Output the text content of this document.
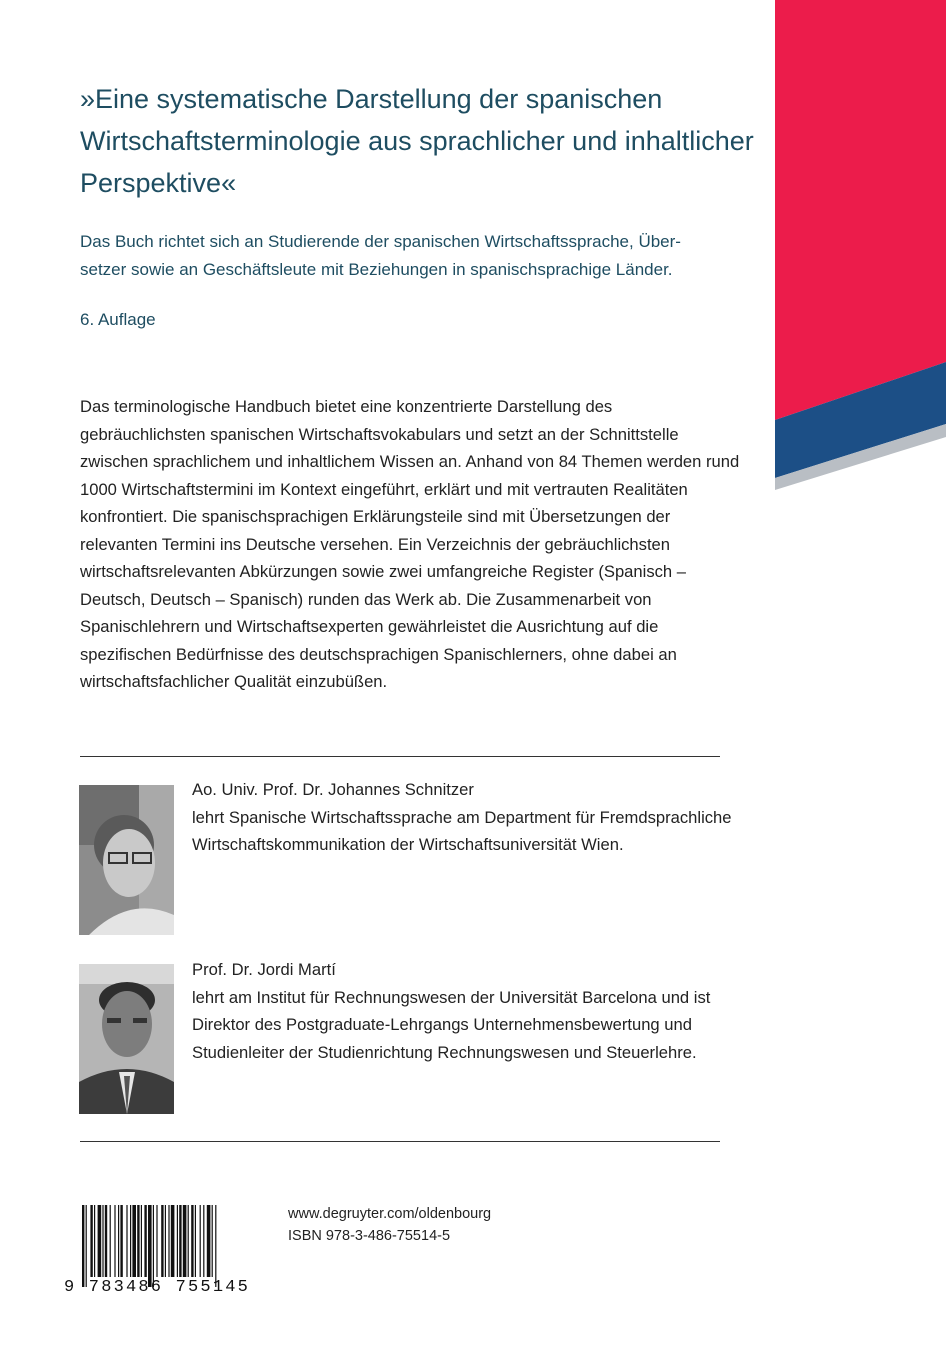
»Eine systematische Darstellung der spanischen Wirtschaftsterminologie aus sprachlicher und inhaltlicher Perspektive«

Das Buch richtet sich an Studierende der spanischen Wirtschaftssprache, Über-

setzer sowie an Geschäftsleute mit Beziehungen in spanischsprachige Länder.

6. Auflage

Das terminologische Handbuch bietet eine konzentrierte Darstellung des gebräuchlichsten spanischen Wirtschaftsvokabulars und setzt an der Schnittstelle zwischen sprachlichem und inhaltlichem Wissen an. Anhand von 84 Themen werden rund 1000 Wirtschaftstermini im Kontext eingeführt, erklärt und mit vertrauten Realitäten konfrontiert. Die spanischsprachigen Erklärungsteile sind mit Übersetzungen der relevanten Termini ins Deutsche versehen. Ein Verzeichnis der gebräuchlichsten wirtschaftsrelevanten Abkürzungen sowie zwei umfangreiche Register (Spanisch – Deutsch, Deutsch – Spanisch) runden das Werk ab. Die Zusammenarbeit von Spanischlehrern und Wirtschaftsexperten gewährleistet die Ausrichtung auf die spezifischen Bedürfnisse des deutschsprachigen Spanischlerners, ohne dabei an wirtschaftsfachlicher Qualität einzubüßen.

Ao. Univ. Prof. Dr. Johannes Schnitzer
lehrt Spanische Wirtschaftssprache am Department für Fremdsprachliche Wirtschaftskommunikation der Wirtschaftsuniversität Wien.

Prof. Dr. Jordi Martí
lehrt am Institut für Rechnungswesen der Universität Barcelona und ist Direktor des Postgraduate-Lehrgangs Unternehmensbewertung und Studienleiter der Studienrichtung Rechnungswesen und Steuerlehre.

9 783486 755145
www.degruyter.com/oldenbourg
ISBN 978-3-486-75514-5
